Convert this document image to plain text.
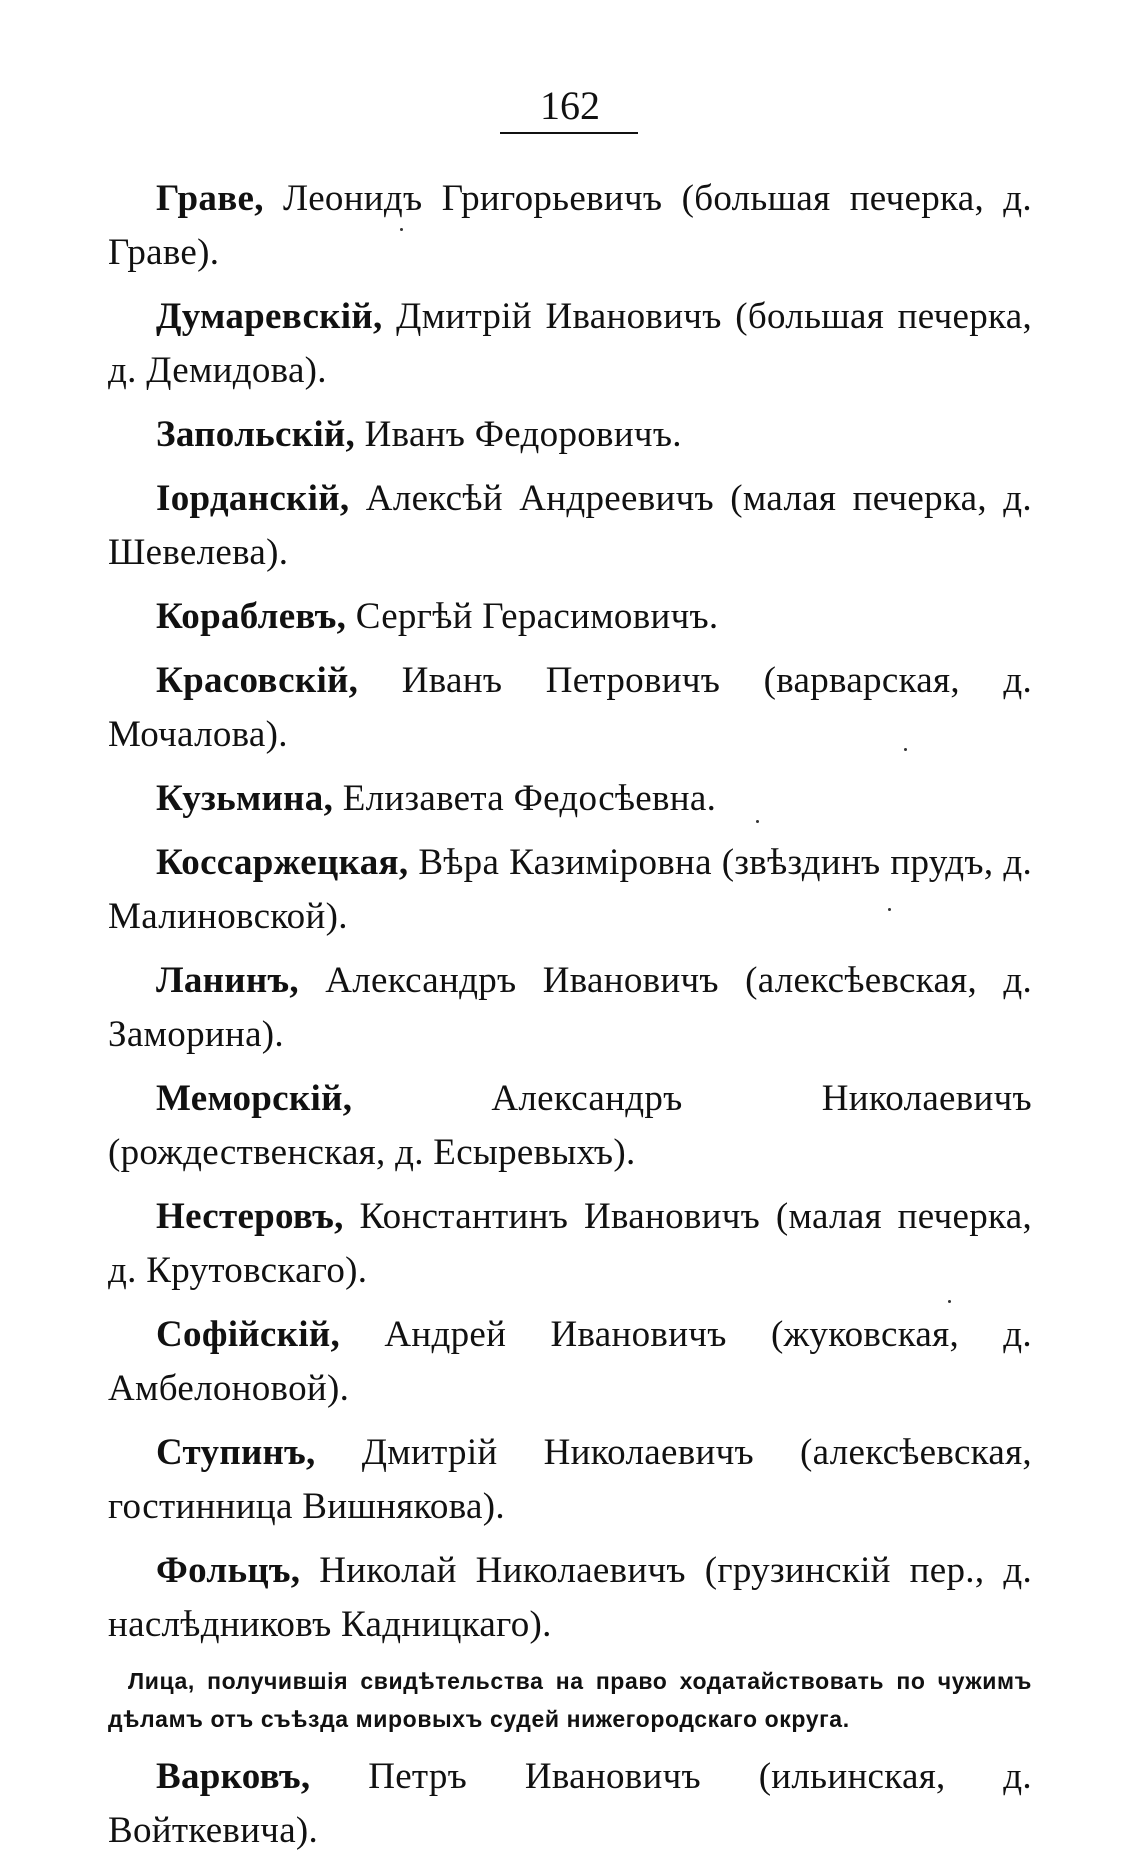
162

Граве, Леонидъ Григорьевичъ (большая печерка, д. Граве).

Думаревскій, Дмитрій Ивановичъ (большая печерка, д. Демидова).

Запольскій, Иванъ Федоровичъ.

Іорданскій, Алексѣй Андреевичъ (малая печерка, д. Шевелева).

Кораблевъ, Сергѣй Герасимовичъ.

Красовскій, Иванъ Петровичъ (варварская, д. Мочалова).

Кузьмина, Елизавета Федосѣевна.

Коссаржецкая, Вѣра Казиміровна (звѣздинъ прудъ, д. Малиновской).

Ланинъ, Александръ Ивановичъ (алексѣевская, д. Заморина).

Меморскій,	Александръ Николаевичъ (рождественская, д. Есыревыхъ).

Нестеровъ, Константинъ Ивановичъ (малая печерка, д. Крутовскаго).

Софійскій, Андрей Ивановичъ (жуковская, д. Амбелоновой).

Ступинъ, Дмитрій Николаевичъ (алексѣевская, гостинница Вишнякова).

Фольцъ, Николай Николаевичъ (грузинскій пер., д. наслѣдниковъ Кадницкаго).

Лица, получившія свидѣтельства на право ходатайствовать по чужимъ дѣламъ отъ съѣзда мировыхъ судей нижегородскаго округа.

Варковъ, Петръ Ивановичъ (ильинская, д. Войткевича).
